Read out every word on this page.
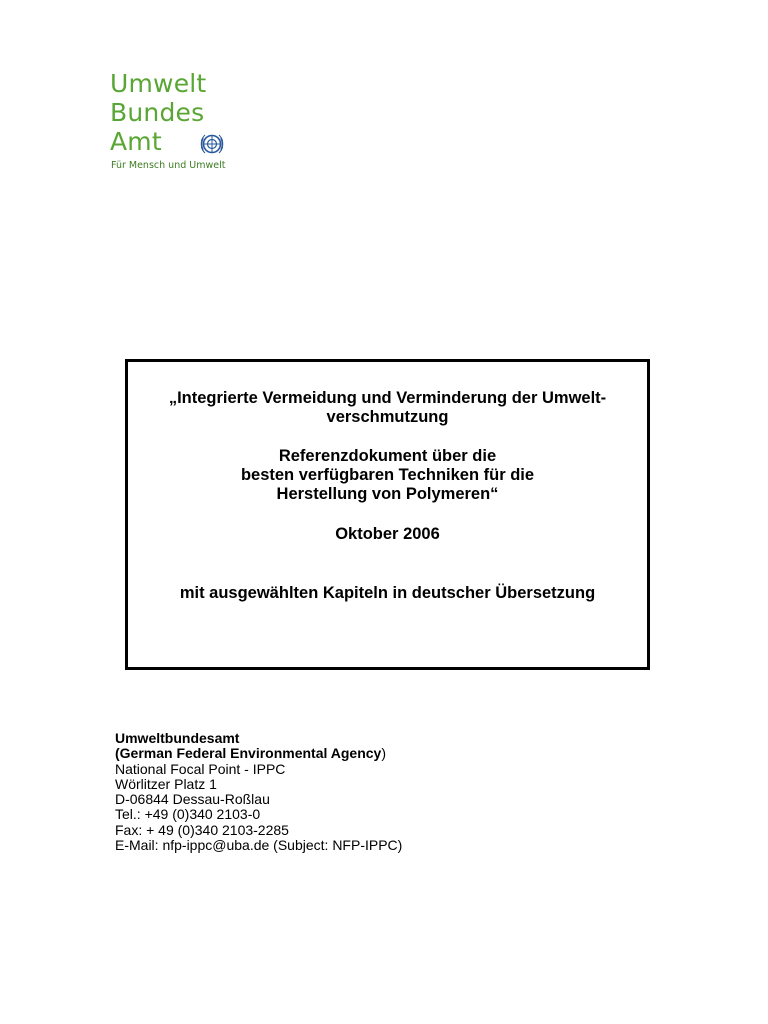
Umwelt
Bundes
Amt
Für Mensch und Umwelt
„Integrierte Vermeidung und Verminderung der Umwelt-
verschmutzung
Referenzdokument über die
besten verfügbaren Techniken für die
Herstellung von Polymeren“
Oktober 2006
mit ausgewählten Kapiteln in deutscher Übersetzung
Umweltbundesamt
(German Federal Environmental Agency)
National Focal Point - IPPC
Wörlitzer Platz 1
D-06844 Dessau-Roßlau
Tel.: +49 (0)340 2103-0
Fax: + 49 (0)340 2103-2285
E-Mail: nfp-ippc@uba.de (Subject: NFP-IPPC)
